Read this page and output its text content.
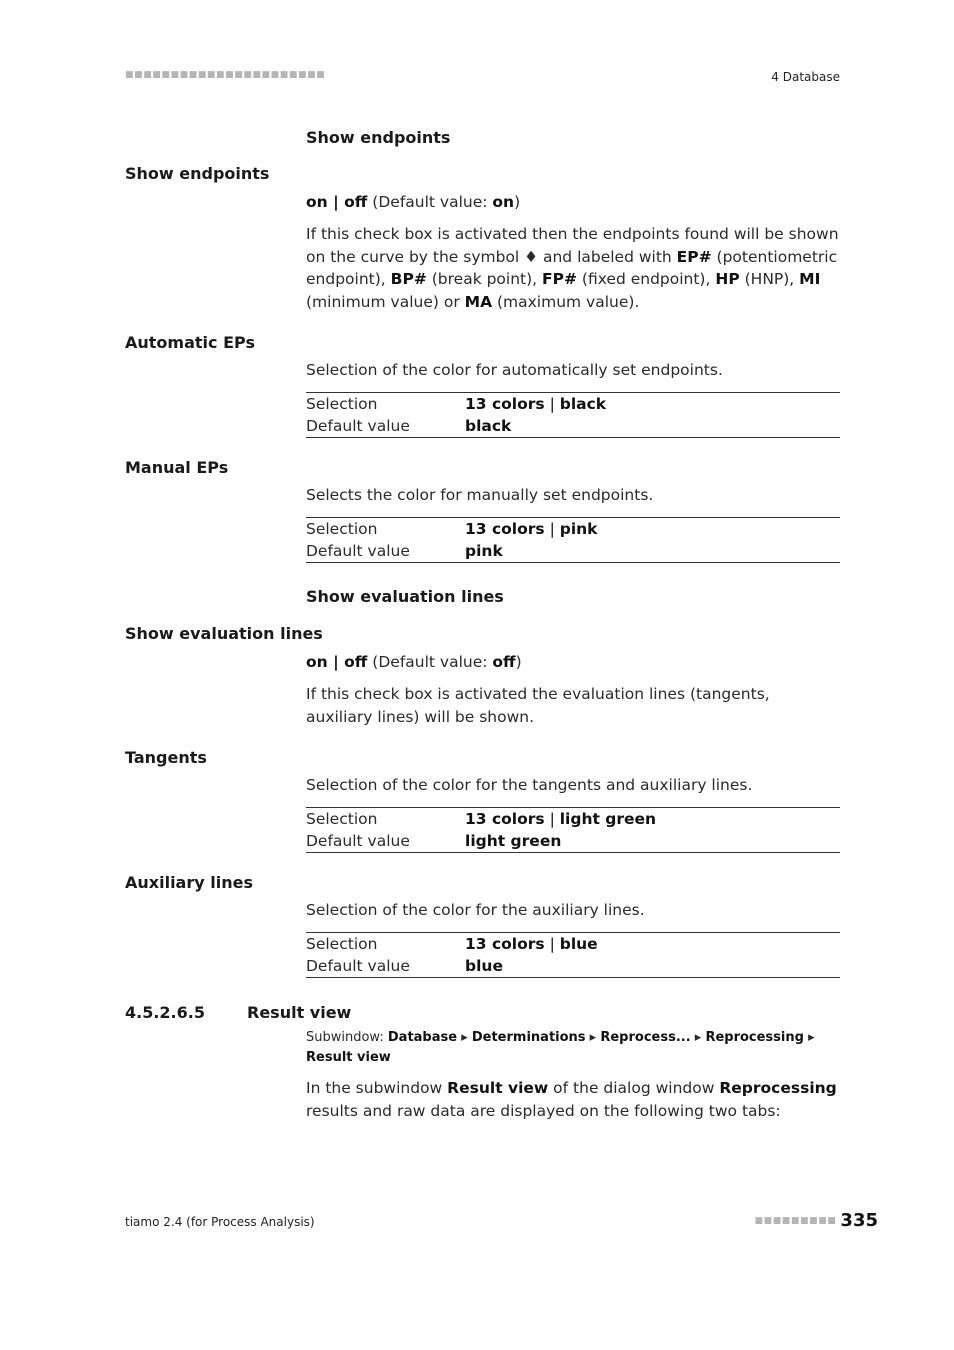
■■■■■■■■■■■■■■■■■■■■■■	4 Database
Show endpoints
Show endpoints
on | off (Default value: on)
If this check box is activated then the endpoints found will be shown on the curve by the symbol ♦ and labeled with EP# (potentiometric endpoint), BP# (break point), FP# (fixed endpoint), HP (HNP), MI (minimum value) or MA (maximum value).
Automatic EPs
Selection of the color for automatically set endpoints.
Selection	13 colors | black
Default value	black
Manual EPs
Selects the color for manually set endpoints.
Selection	13 colors | pink
Default value	pink
Show evaluation lines
Show evaluation lines
on | off (Default value: off)
If this check box is activated the evaluation lines (tangents, auxiliary lines) will be shown.
Tangents
Selection of the color for the tangents and auxiliary lines.
Selection	13 colors | light green
Default value	light green
Auxiliary lines
Selection of the color for the auxiliary lines.
Selection	13 colors | blue
Default value	blue
4.5.2.6.5	Result view
Subwindow: Database ▸ Determinations ▸ Reprocess... ▸ Reprocessing ▸ Result view
In the subwindow Result view of the dialog window Reprocessing results and raw data are displayed on the following two tabs:
tiamo 2.4 (for Process Analysis)	■■■■■■■■■ 335
